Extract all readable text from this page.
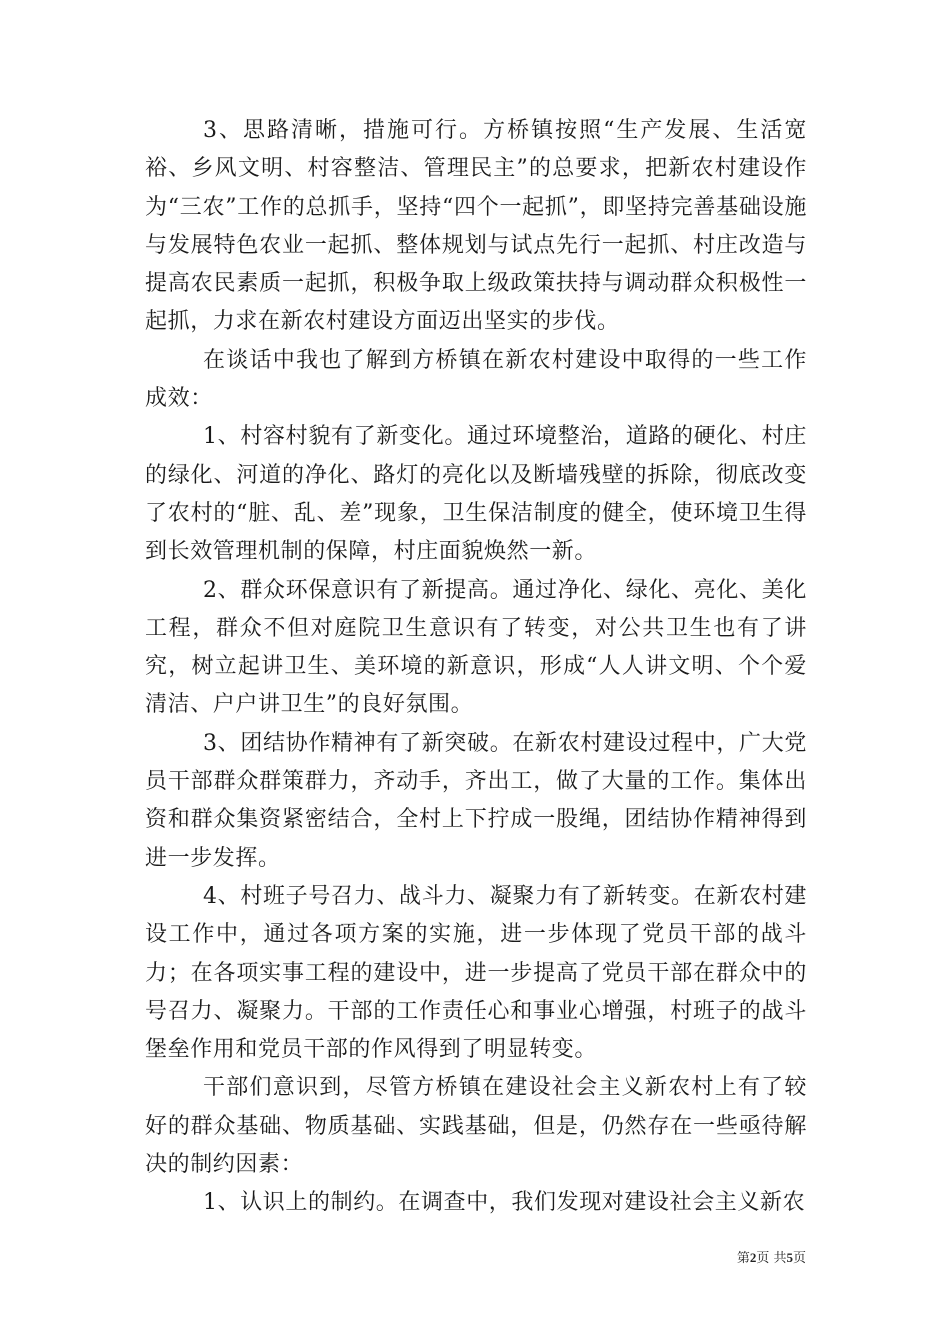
3、思路清晰，措施可行。方桥镇按照“生产发展、生活宽裕、乡风文明、村容整洁、管理民主”的总要求，把新农村建设作为“三农”工作的总抓手，坚持“四个一起抓”，即坚持完善基础设施与发展特色农业一起抓、整体规划与试点先行一起抓、村庄改造与提高农民素质一起抓，积极争取上级政策扶持与调动群众积极性一起抓，力求在新农村建设方面迈出坚实的步伐。

在谈话中我也了解到方桥镇在新农村建设中取得的一些工作成效：

1、村容村貌有了新变化。通过环境整治，道路的硬化、村庄的绿化、河道的净化、路灯的亮化以及断墙残壁的拆除，彻底改变了农村的“脏、乱、差”现象，卫生保洁制度的健全，使环境卫生得到长效管理机制的保障，村庄面貌焕然一新。

2、群众环保意识有了新提高。通过净化、绿化、亮化、美化工程，群众不但对庭院卫生意识有了转变，对公共卫生也有了讲究，树立起讲卫生、美环境的新意识，形成“人人讲文明、个个爱清洁、户户讲卫生”的良好氛围。

3、团结协作精神有了新突破。在新农村建设过程中，广大党员干部群众群策群力，齐动手，齐出工，做了大量的工作。集体出资和群众集资紧密结合，全村上下拧成一股绳，团结协作精神得到进一步发挥。

4、村班子号召力、战斗力、凝聚力有了新转变。在新农村建设工作中，通过各项方案的实施，进一步体现了党员干部的战斗力；在各项实事工程的建设中，进一步提高了党员干部在群众中的号召力、凝聚力。干部的工作责任心和事业心增强，村班子的战斗堡垒作用和党员干部的作风得到了明显转变。

干部们意识到，尽管方桥镇在建设社会主义新农村上有了较好的群众基础、物质基础、实践基础，但是，仍然存在一些亟待解决的制约因素：

1、认识上的制约。在调查中，我们发现对建设社会主义新农

第2页 共5页
